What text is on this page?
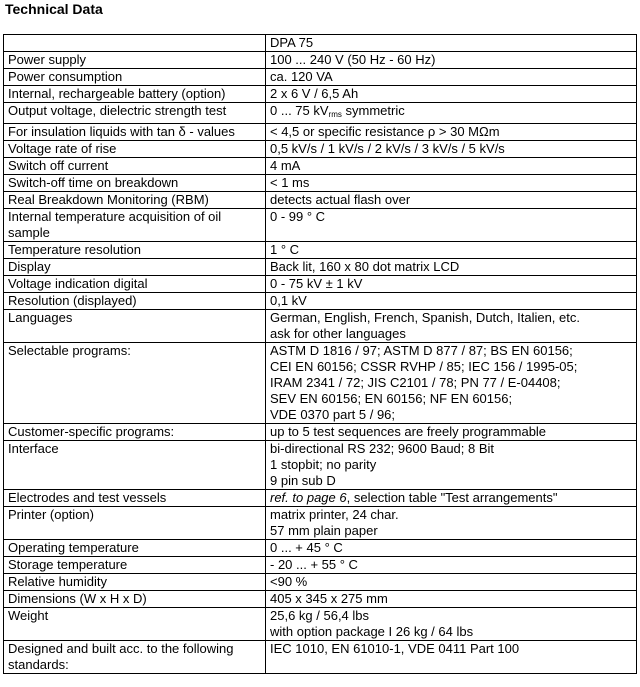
Technical Data

	DPA 75

Power supply	100 ... 240 V (50 Hz - 60 Hz)

Power consumption	ca. 120 VA

Internal, rechargeable battery (option)	2 x 6 V / 6,5 Ah

Output voltage, dielectric strength test	0 ... 75 $kV_{rms}$ symmetric

For insulation liquids with tan δ - values	< 4,5 or specific resistance ρ > 30 MΩm

Voltage rate of rise	0,5 kV/s / 1 kV/s / 2 kV/s / 3 kV/s / 5 kV/s

Switch off current	4 mA

Switch-off time on breakdown	< 1 ms

Real Breakdown Monitoring (RBM)	detects actual flash over

Internal temperature acquisition of oil sample	0 - 99 ° C

Temperature resolution	1 ° C

Display	Back lit, 160 x 80 dot matrix LCD

Voltage indication digital	0 - 75 kV ± 1 kV

Resolution (displayed)	0,1 kV

Languages	German, English, French, Spanish, Dutch, Italien, etc.
ask for other languages

Selectable programs:	ASTM D 1816 / 97; ASTM D 877 / 87; BS EN 60156;
CEI EN 60156; CSSR RVHP / 85; IEC 156 / 1995-05;
IRAM 2341 / 72; JIS C2101 / 78; PN 77 / E-04408;
SEV EN 60156; EN 60156; NF EN 60156;
VDE 0370 part 5 / 96;

Customer-specific programs:	up to 5 test sequences are freely programmable

Interface	bi-directional RS 232; 9600 Baud; 8 Bit
1 stopbit; no parity
9 pin sub D

Electrodes and test vessels	ref. to page 6, selection table "Test arrangements"

Printer (option)	matrix printer, 24 char.
57 mm plain paper

Operating temperature	0 ... + 45 ° C

Storage temperature	- 20 ... + 55 ° C

Relative humidity	<90 %

Dimensions (W x H x D)	405 x 345 x 275 mm

Weight	25,6 kg / 56,4 lbs
with option package I 26 kg / 64 lbs

Designed and built acc. to the following standards:	IEC 1010, EN 61010-1, VDE 0411 Part 100
